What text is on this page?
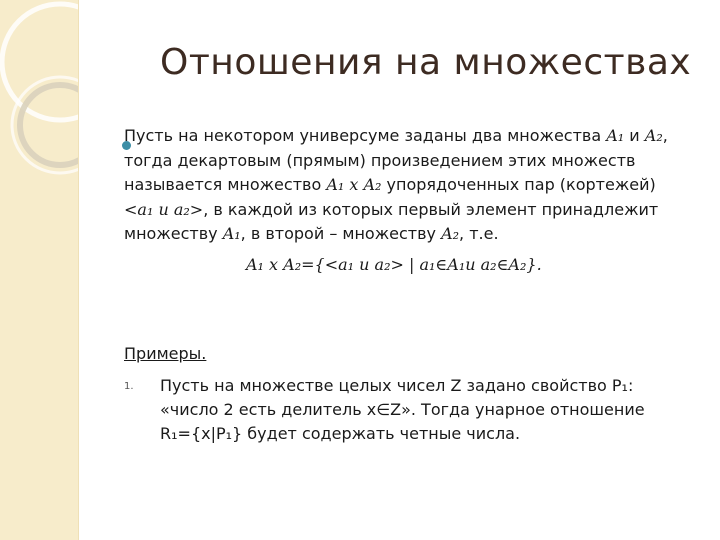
Отношения на множествах
Пусть на некотором универсуме заданы два множества A₁ и A₂,
тогда декартовым (прямым) произведением этих множеств
называется множество A₁ x A₂ упорядоченных пар (кортежей)
<a₁ и a₂>, в каждой из которых первый элемент принадлежит
множеству A₁, в второй – множеству A₂, т.е.
A₁ x A₂={<a₁ и a₂> | a₁∈A₁и a₂∈A₂}.
Примеры.
1. Пусть на множестве целых чисел Z задано свойство P₁:
«число 2 есть делитель x∈Z». Тогда унарное отношение
R₁={x|P₁} будет содержать четные числа.
